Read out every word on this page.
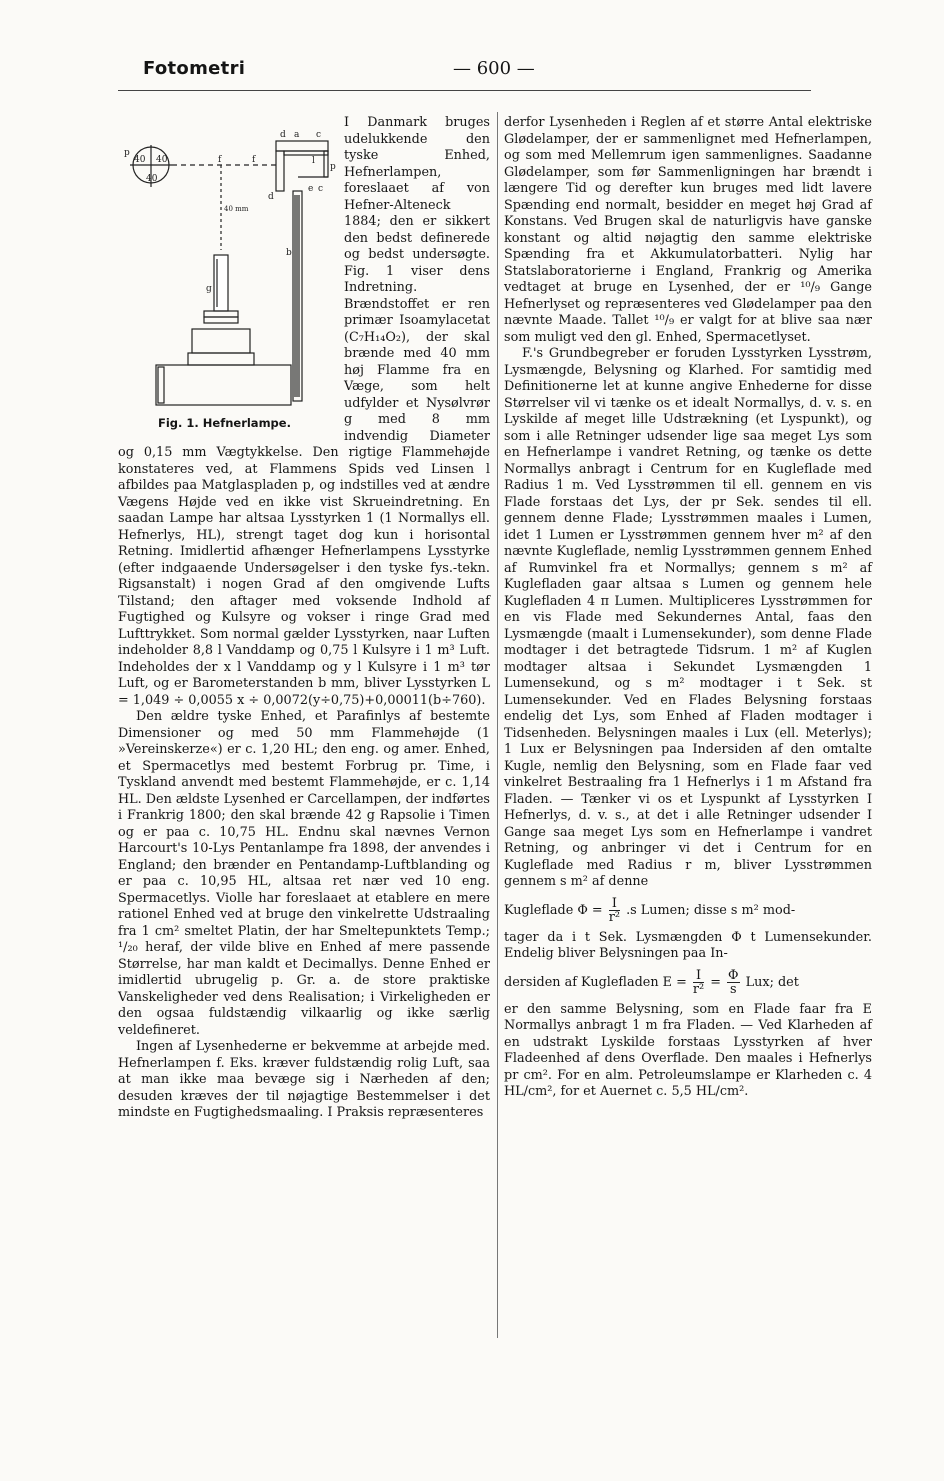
Fotometri	— 600 —
d a c
p
p
d
l
b
g
c
e
40 40
40
f	f
40 mm
Fig. 1. Hefnerlampe.

I Danmark bruges udelukkende den tyske Enhed, Hefnerlampen, foreslaaet af von Hefner-Alteneck 1884; den er sikkert den bedst definerede og bedst undersøgte. Fig. 1 viser dens Indretning. Brændstoffet er ren primær Isoamylacetat (C₇H₁₄O₂), der skal brænde med 40 mm høj Flamme fra en Væge, som helt udfylder et Nysølvrør g med 8 mm indvendig Diameter og 0,15 mm Vægtykkelse. Den rigtige Flammehøjde konstateres ved, at Flammens Spids ved Linsen l afbildes paa Matglaspladen p, og indstilles ved at ændre Vægens Højde ved en ikke vist Skrueindretning. En saadan Lampe har altsaa Lysstyrken 1 (1 Normallys ell. Hefnerlys, HL), strengt taget dog kun i horisontal Retning. Imidlertid afhænger Hefnerlampens Lysstyrke (efter indgaaende Undersøgelser i den tyske fys.-tekn. Rigsanstalt) i nogen Grad af den omgivende Lufts Tilstand; den aftager med voksende Indhold af Fugtighed og Kulsyre og vokser i ringe Grad med Lufttrykket. Som normal gælder Lysstyrken, naar Luften indeholder 8,8 l Vanddamp og 0,75 l Kulsyre i 1 m³ Luft. Indeholdes der x l Vanddamp og y l Kulsyre i 1 m³ tør Luft, og er Barometerstanden b mm, bliver Lysstyrken L = 1,049 ÷ 0,0055 x ÷ 0,0072(y÷0,75)+0,00011(b÷760).

Den ældre tyske Enhed, et Parafinlys af bestemte Dimensioner og med 50 mm Flammehøjde (1 »Vereinskerze«) er c. 1,20 HL; den eng. og amer. Enhed, et Spermacetlys med bestemt Forbrug pr. Time, i Tyskland anvendt med bestemt Flammehøjde, er c. 1,14 HL. Den ældste Lysenhed er Carcellampen, der indførtes i Frankrig 1800; den skal brænde 42 g Rapsolie i Timen og er paa c. 10,75 HL. Endnu skal nævnes Vernon Harcourt's 10-Lys Pentanlampe fra 1898, der anvendes i England; den brænder en Pentandamp-Luftblanding og er paa c. 10,95 HL, altsaa ret nær ved 10 eng. Spermacetlys. Violle har foreslaaet at etablere en mere rationel Enhed ved at bruge den vinkelrette Udstraaling fra 1 cm² smeltet Platin, der har Smeltepunktets Temp.; ¹/₂₀ heraf, der vilde blive en Enhed af mere passende Størrelse, har man kaldt et Decimallys. Denne Enhed er imidlertid ubrugelig p. Gr. a. de store praktiske Vanskeligheder ved dens Realisation; i Virkeligheden er den ogsaa fuldstændig vilkaarlig og ikke særlig veldefineret.

Ingen af Lysenhederne er bekvemme at arbejde med. Hefnerlampen f. Eks. kræver fuldstændig rolig Luft, saa at man ikke maa bevæge sig i Nærheden af den; desuden kræves der til nøjagtige Bestemmelser i det mindste en Fugtighedsmaaling. I Praksis repræsenteres

derfor Lysenheden i Reglen af et større Antal elektriske Glødelamper, der er sammenlignet med Hefnerlampen, og som med Mellemrum igen sammenlignes. Saadanne Glødelamper, som før Sammenligningen har brændt i længere Tid og derefter kun bruges med lidt lavere Spænding end normalt, besidder en meget høj Grad af Konstans. Ved Brugen skal de naturligvis have ganske konstant og altid nøjagtig den samme elektriske Spænding fra et Akkumulatorbatteri. Nylig har Statslaboratorierne i England, Frankrig og Amerika vedtaget at bruge en Lysenhed, der er ¹⁰/₉ Gange Hefnerlyset og repræsenteres ved Glødelamper paa den nævnte Maade. Tallet ¹⁰/₉ er valgt for at blive saa nær som muligt ved den gl. Enhed, Spermacetlyset.

F.'s Grundbegreber er foruden Lysstyrken Lysstrøm, Lysmængde, Belysning og Klarhed. For samtidig med Definitionerne let at kunne angive Enhederne for disse Størrelser vil vi tænke os et idealt Normallys, d. v. s. en Lyskilde af meget lille Udstrækning (et Lyspunkt), og som i alle Retninger udsender lige saa meget Lys som en Hefnerlampe i vandret Retning, og tænke os dette Normallys anbragt i Centrum for en Kugleflade med Radius 1 m. Ved Lysstrømmen til ell. gennem en vis Flade forstaas det Lys, der pr Sek. sendes til ell. gennem denne Flade; Lysstrømmen maales i Lumen, idet 1 Lumen er Lysstrømmen gennem hver m² af den nævnte Kugleflade, nemlig Lysstrømmen gennem Enhed af Rumvinkel fra et Normallys; gennem s m² af Kuglefladen gaar altsaa s Lumen og gennem hele Kuglefladen 4 π Lumen. Multipliceres Lysstrømmen for en vis Flade med Sekundernes Antal, faas den Lysmængde (maalt i Lumensekunder), som denne Flade modtager i det betragtede Tidsrum. 1 m² af Kuglen modtager altsaa i Sekundet Lysmængden 1 Lumensekund, og s m² modtager i t Sek. st Lumensekunder. Ved en Flades Belysning forstaas endelig det Lys, som Enhed af Fladen modtager i Tidsenheden. Belysningen maales i Lux (ell. Meterlys); 1 Lux er Belysningen paa Indersiden af den omtalte Kugle, nemlig den Belysning, som en Flade faar ved vinkelret Bestraaling fra 1 Hefnerlys i 1 m Afstand fra Fladen. — Tænker vi os et Lyspunkt af Lysstyrken I Hefnerlys, d. v. s., at det i alle Retninger udsender I Gange saa meget Lys som en Hefnerlampe i vandret Retning, og anbringer vi det i Centrum for en Kugleflade med Radius r m, bliver Lysstrømmen gennem s m² af denne

Kugleflade $\Phi = \frac{I}{\text{r²}} .s$ Lumen; disse s m² mod-

tager da i t Sek. Lysmængden Φ t Lumensekunder. Endelig bliver Belysningen paa In-

dersiden af Kuglefladen $E = \frac{I}{\text{r²}} = \frac{\Phi}{s}$ Lux; det

er den samme Belysning, som en Flade faar fra E Normallys anbragt 1 m fra Fladen. — Ved Klarheden af en udstrakt Lyskilde forstaas Lysstyrken af hver Fladeenhed af dens Overflade. Den maales i Hefnerlys pr cm². For en alm. Petroleumslampe er Klarheden c. 4 HL/cm², for et Auernet c. 5,5 HL/cm².
